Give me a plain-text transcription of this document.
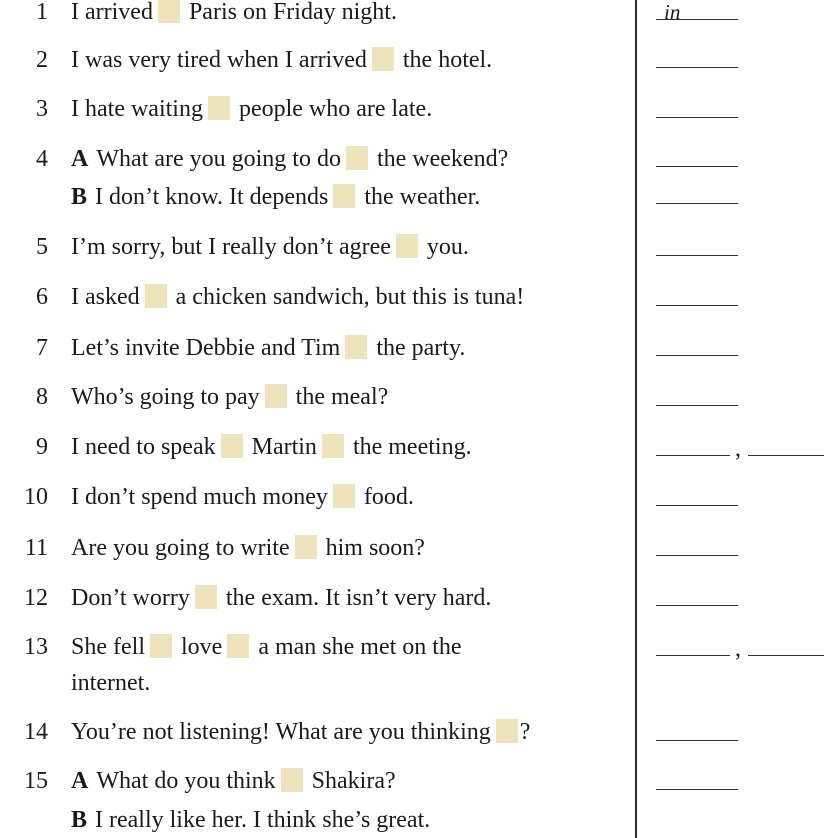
1 I arrived Paris on Friday night.	in
2 I was very tired when I arrived the hotel.
3 I hate waiting people who are late.
4 A What are you going to do the weekend?
B I don’t know. It depends the weather.
5 I’m sorry, but I really don’t agree you.
6 I asked a chicken sandwich, but this is tuna!
7 Let’s invite Debbie and Tim the party.
8 Who’s going to pay the meal?
9 I need to speak Martin the meeting.	,
10 I don’t spend much money food.
11 Are you going to write him soon?
12 Don’t worry the exam. It isn’t very hard.
13 She fell love a man she met on the	,
internet.
14 You’re not listening! What are you thinking ?
15 A What do you think Shakira?
B I really like her. I think she’s great.
